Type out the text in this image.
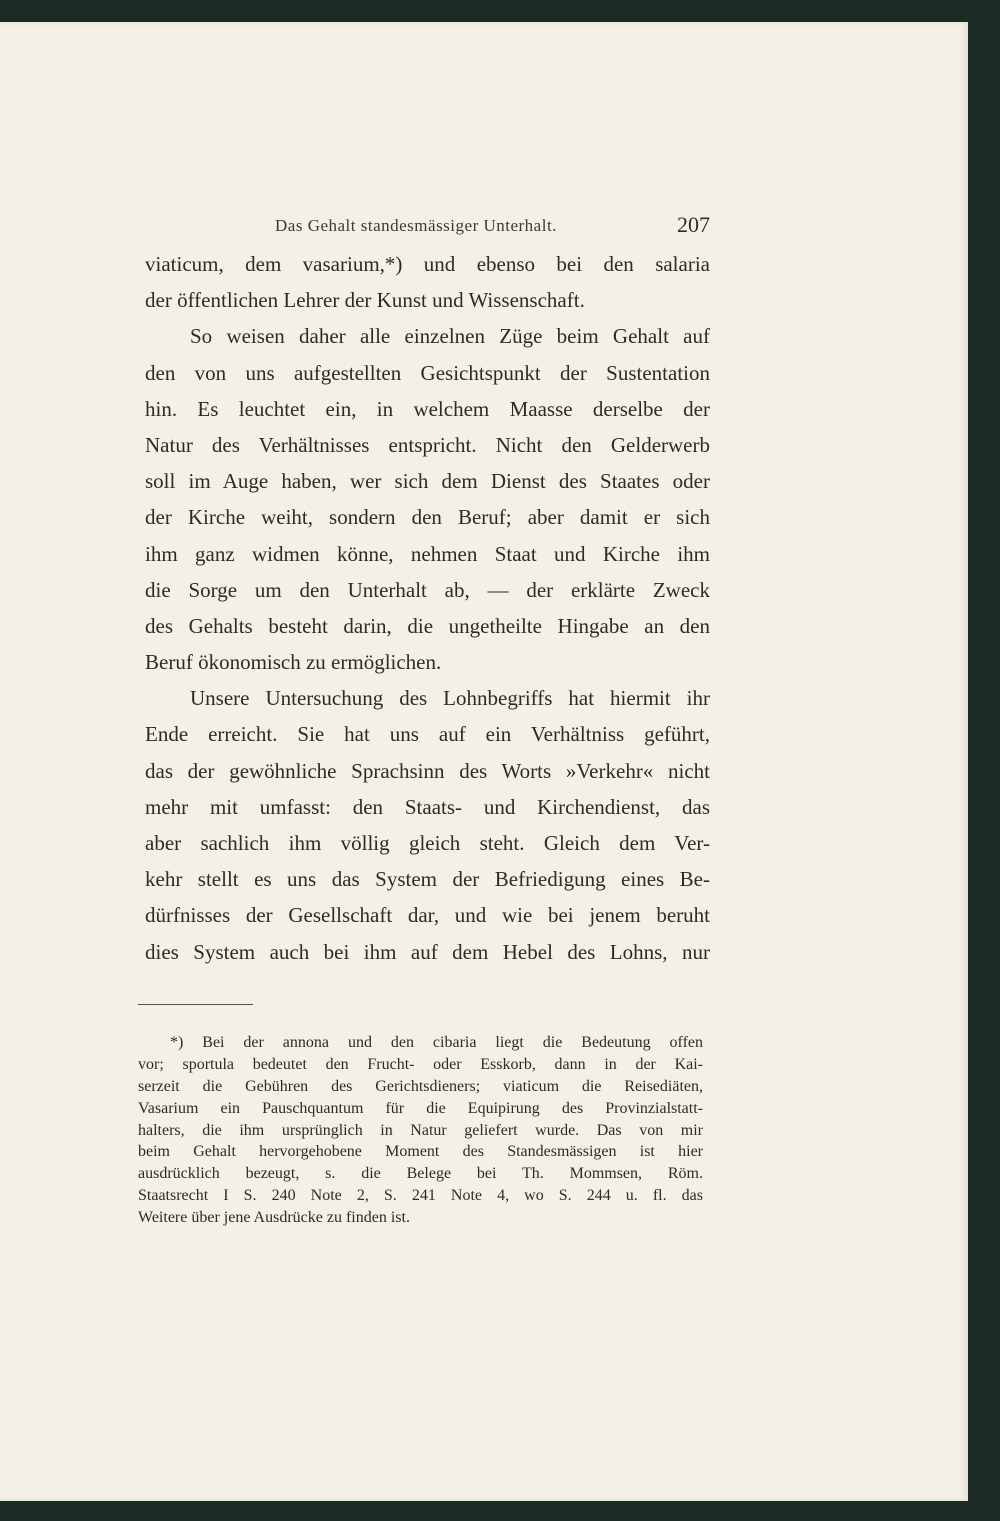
Das Gehalt standesmässiger Unterhalt.	207
viaticum, dem vasarium,*) und ebenso bei den salaria
der öffentlichen Lehrer der Kunst und Wissenschaft.
So weisen daher alle einzelnen Züge beim Gehalt auf
den von uns aufgestellten Gesichtspunkt der Sustentation
hin. Es leuchtet ein, in welchem Maasse derselbe der
Natur des Verhältnisses entspricht. Nicht den Gelderwerb
soll im Auge haben, wer sich dem Dienst des Staates oder
der Kirche weiht, sondern den Beruf; aber damit er sich
ihm ganz widmen könne, nehmen Staat und Kirche ihm
die Sorge um den Unterhalt ab, — der erklärte Zweck
des Gehalts besteht darin, die ungetheilte Hingabe an den
Beruf ökonomisch zu ermöglichen.
Unsere Untersuchung des Lohnbegriffs hat hiermit ihr
Ende erreicht. Sie hat uns auf ein Verhältniss geführt,
das der gewöhnliche Sprachsinn des Worts »Verkehr« nicht
mehr mit umfasst: den Staats- und Kirchendienst, das
aber sachlich ihm völlig gleich steht. Gleich dem Ver-
kehr stellt es uns das System der Befriedigung eines Be-
dürfnisses der Gesellschaft dar, und wie bei jenem beruht
dies System auch bei ihm auf dem Hebel des Lohns, nur
*) Bei der annona und den cibaria liegt die Bedeutung offen
vor; sportula bedeutet den Frucht- oder Esskorb, dann in der Kai-
serzeit die Gebühren des Gerichtsdieners; viaticum die Reisediäten,
Vasarium ein Pauschquantum für die Equipirung des Provinzialstatt-
halters, die ihm ursprünglich in Natur geliefert wurde. Das von mir
beim Gehalt hervorgehobene Moment des Standesmässigen ist hier
ausdrücklich bezeugt, s. die Belege bei Th. Mommsen, Röm.
Staatsrecht I S. 240 Note 2, S. 241 Note 4, wo S. 244 u. fl. das
Weitere über jene Ausdrücke zu finden ist.
